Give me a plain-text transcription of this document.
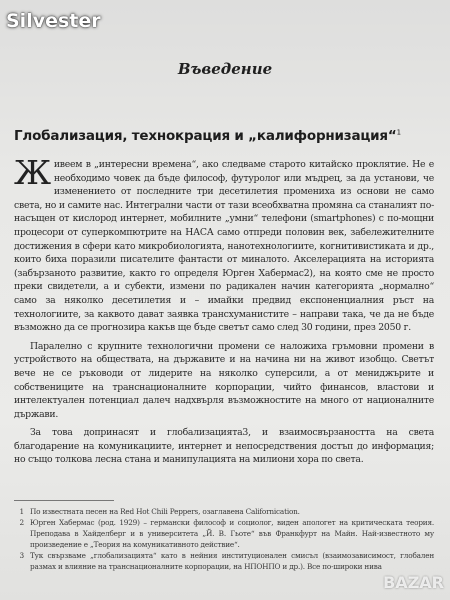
Silvester
Въведение
Глобализация, технокрация и „калифорнизация“$^1$

Живеем в „интересни времена“, ако следваме старото китайско проклятие. Не е необходимо човек да бъде философ, футуролог или мъдрец, за да установи, че изменението от последните три десетилетия промениха из основи не само света, но и самите нас. Интегрални части от тази всеобхватна промяна са станалият по-насъщен от кислород интернет, мобилните „умни“ телефони (smartphones) с по-мощни процесори от суперкомпютрите на НАСА само отпреди половин век, забележителните достижения в сфери като микробиологията, нанотехнологиите, когнитивистиката и др., които биха поразили писателите фантасти от миналото. Акселерацията на историята (забързаното развитие, както го определя Юрген Хабермас2), на която сме не просто преки свидетели, а и субекти, измени по радикален начин категорията „нормално“ само за няколко десетилетия и – имайки предвид експоненциалния ръст на технологиите, за каквото дават заявка трансхуманистите – направи така, че да не бъде възможно да се прогнозира какъв ще бъде светът само след 30 години, през 2050 г.

Паралелно с крупните технологични промени се наложиха гръмовни промени в устройството на обществата, на държавите и на начина ни на живот изобщо. Светът вече не се ръководи от лидерите на няколко суперсили, а от мениджърите и собствениците на транснационалните корпорации, чийто финансов, властови и интелектуален потенциал далеч надхвърля възможностите на много от националните държави.

За това допринасят и глобализацията3, и взаимосвързаността на света благодарение на комуникациите, интернет и непосредствения достъп до информация; но също толкова лесна стана и манипулацията на милиони хора по света.

1 По известната песен на Red Hot Chili Peppers, озаглавена Californication.
2 Юрген Хабермас (род. 1929) – германски философ и социолог, виден апологет на критическата теория. Преподава в Хайделберг и в университета „Й. В. Гьоте“ във Франкфурт на Майн. Най-известното му произведение е „Теория на комуникативното действие“.
3 Тук свързваме „глобализацията“ като в нейния институционален смисъл (взаимозависимост, глобален размах и влияние на транснационалните корпорации, на НПОНПО и др.). Все по-широки нива
BAZAR
